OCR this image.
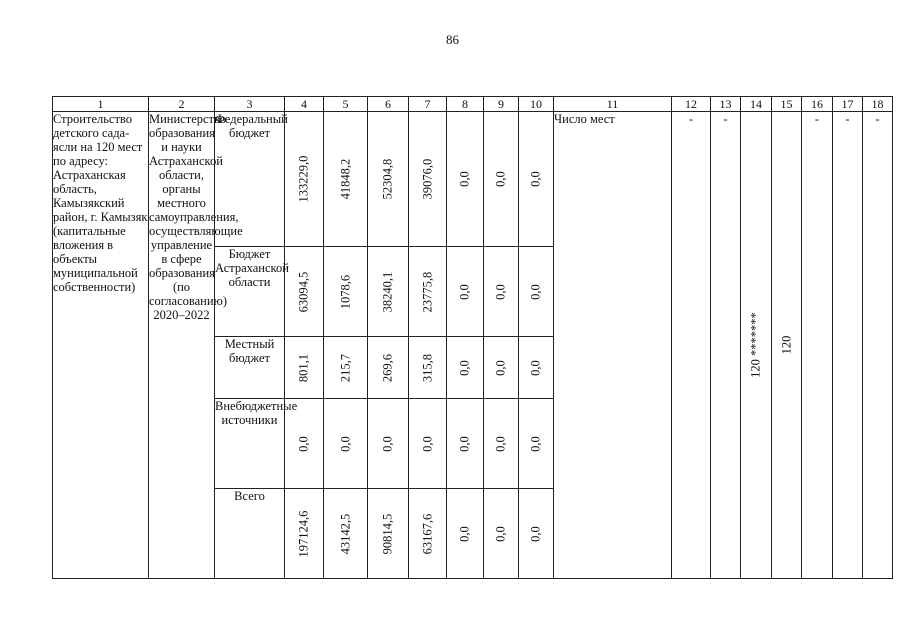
86
1	2	3	4	5	6	7	8	9	10	11	12	13	14	15	16	17	18
Строительство детского сада-ясли на 120 мест по адресу: Астраханская область, Камызякский район, г. Камызяк (капитальные вложения в объекты муниципальной собственности)	Министерство образования и науки Астраханской области, органы местного самоуправления, осуществляющие управление в сфере образования (по согласованию) 2020–2022	Федеральный бюджет	133229,0	41848,2	52304,8	39076,0	0,0	0,0	0,0	Число мест	-	-	120 *******	120	-	-	-
		Бюджет Астраханской области	63094,5	1078,6	38240,1	23775,8	0,0	0,0	0,0								

		Местный бюджет	801,1	215,7	269,6	315,8	0,0	0,0	0,0								

		Внебюджетные источники	0,0	0,0	0,0	0,0	0,0	0,0	0,0								

		Всего	197124,6	43142,5	90814,5	63167,6	0,0	0,0	0,0								
